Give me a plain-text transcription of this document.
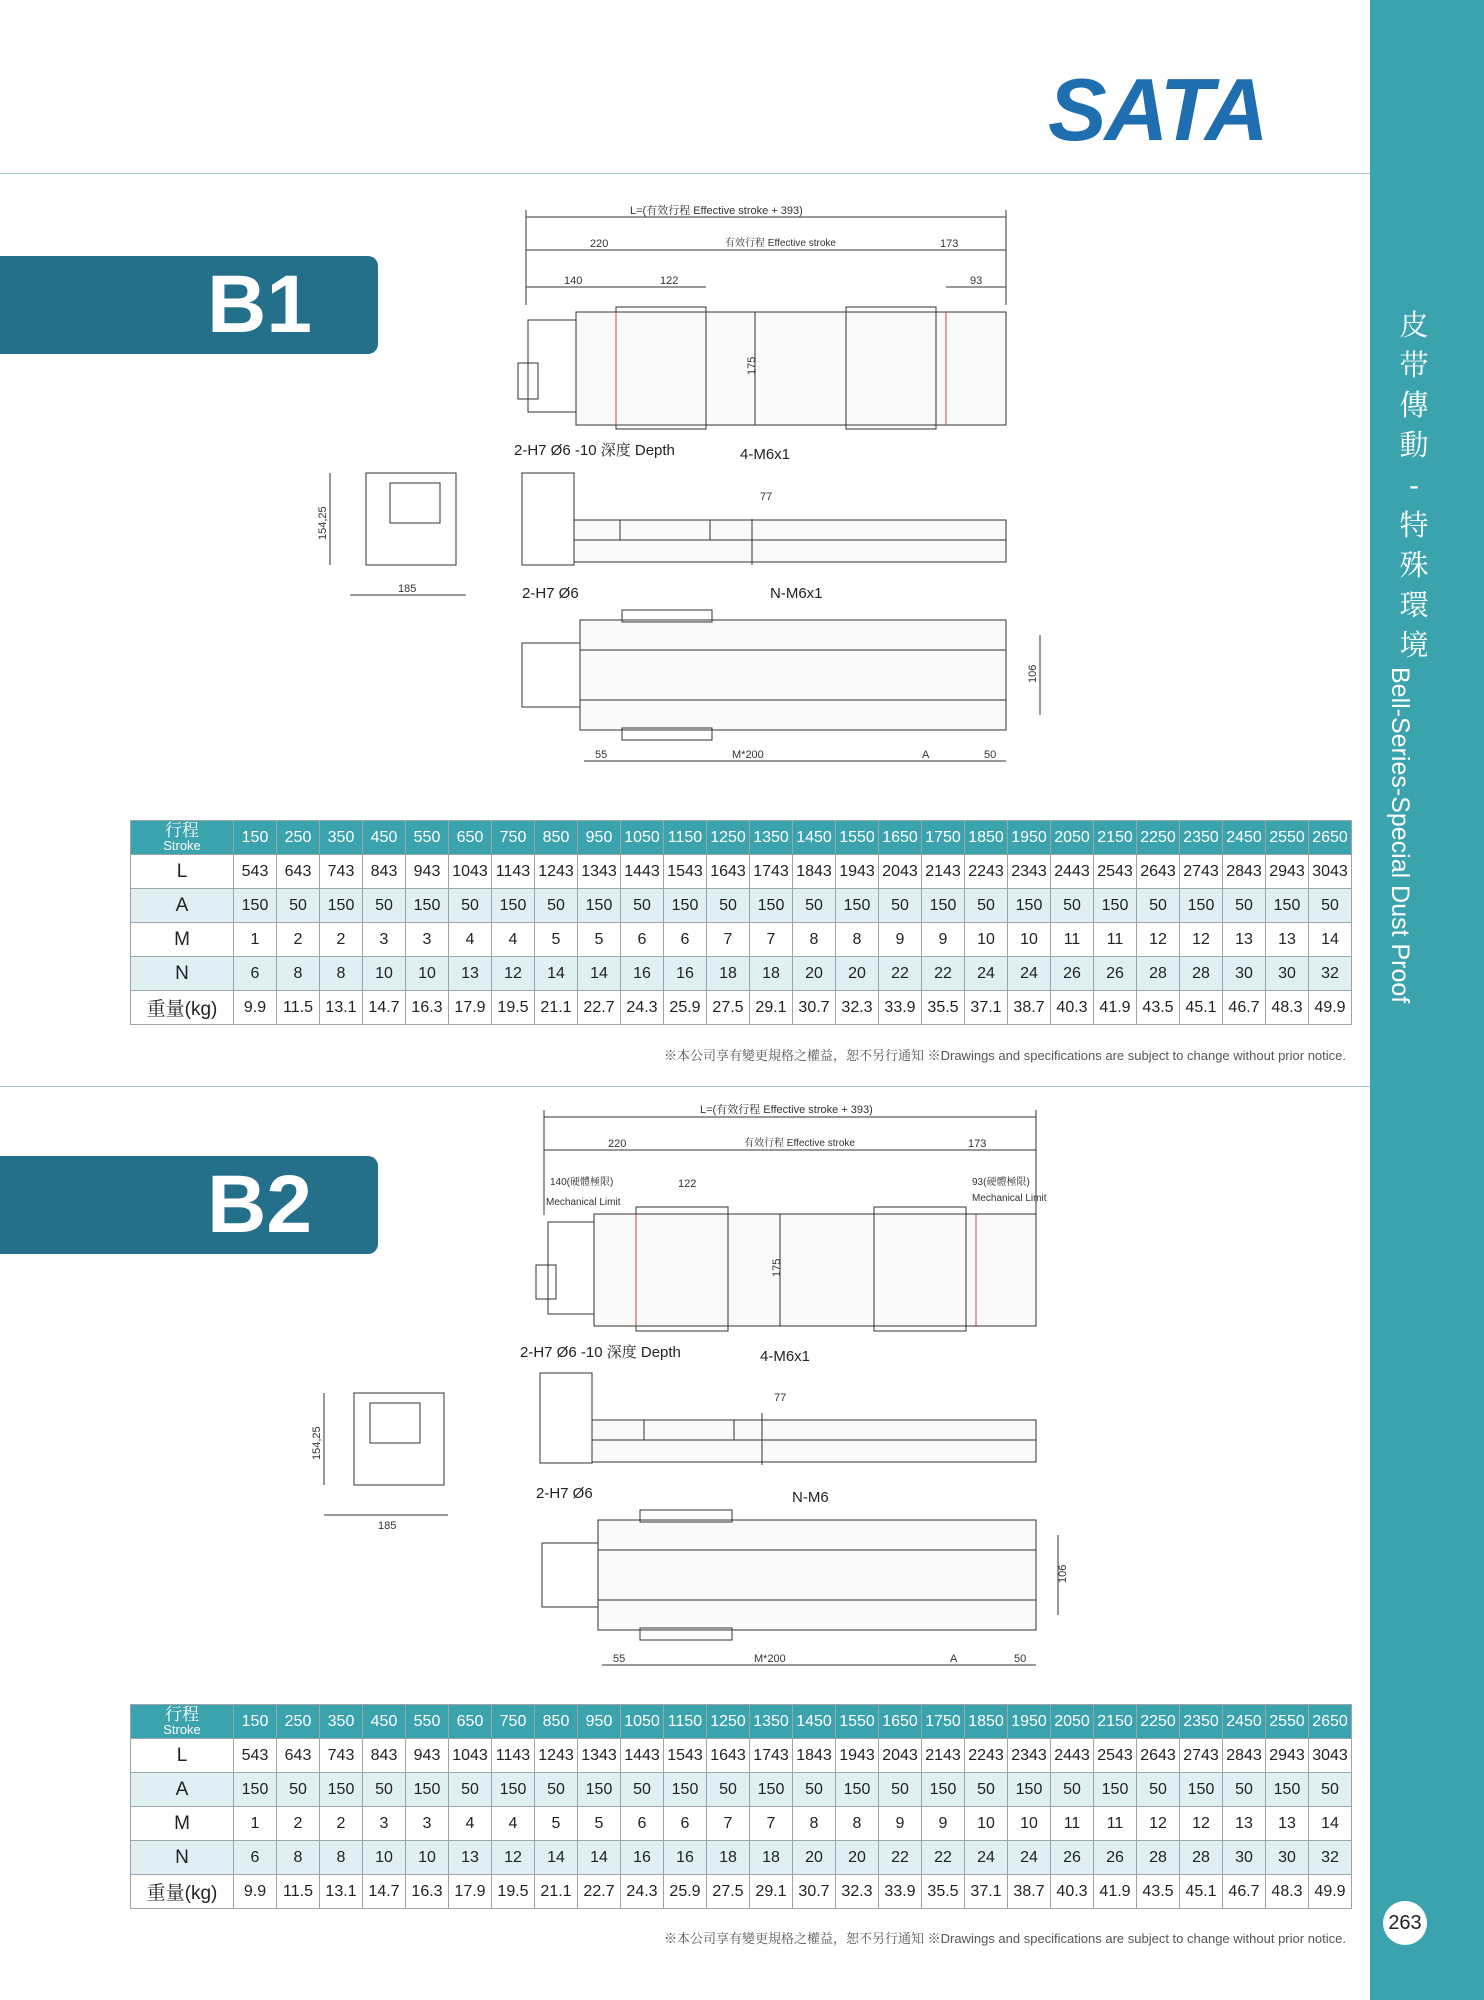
SATA
皮
带
傳
動
-
特
殊
環
境
Bell-Series-Special Dust Proof
263
B1
L=(有效行程 Effective stroke + 393)
220	有效行程 Effective stroke	173
140	122	93
175
2-H7 Ø6 -10 深度 Depth	4-M6x1
77
154,25
185	2-H7 Ø6	N-M6x1
106
55	M*200	A	50
行程
Stroke	150	250	350	450	550	650	750	850	950	1050	1150	1250	1350	1450	1550	1650	1750	1850	1950	2050	2150	2250	2350	2450	2550	2650
L	543	643	743	843	943	1043	1143	1243	1343	1443	1543	1643	1743	1843	1943	2043	2143	2243	2343	2443	2543	2643	2743	2843	2943	3043
A	150	50	150	50	150	50	150	50	150	50	150	50	150	50	150	50	150	50	150	50	150	50	150	50	150	50
M	1	2	2	3	3	4	4	5	5	6	6	7	7	8	8	9	9	10	10	11	11	12	12	13	13	14
N	6	8	8	10	10	13	12	14	14	16	16	18	18	20	20	22	22	24	24	26	26	28	28	30	30	32
重量(kg)	9.9	11.5	13.1	14.7	16.3	17.9	19.5	21.1	22.7	24.3	25.9	27.5	29.1	30.7	32.3	33.9	35.5	37.1	38.7	40.3	41.9	43.5	45.1	46.7	48.3	49.9
※本公司享有變更規格之權益，恕不另行通知 ※Drawings and specifications are subject to change without prior notice.
B2
L=(有效行程 Effective stroke + 393)
220	有效行程 Effective stroke	173
140(硬體極限)
Mechanical Limit
122	93(硬體極限)
Mechanical Limit
175
2-H7 Ø6 -10 深度 Depth	4-M6x1
77
154,25
185
2-H7 Ø6	N-M6
106
55	M*200	A	50
行程
Stroke	150	250	350	450	550	650	750	850	950	1050	1150	1250	1350	1450	1550	1650	1750	1850	1950	2050	2150	2250	2350	2450	2550	2650
L	543	643	743	843	943	1043	1143	1243	1343	1443	1543	1643	1743	1843	1943	2043	2143	2243	2343	2443	2543	2643	2743	2843	2943	3043
A	150	50	150	50	150	50	150	50	150	50	150	50	150	50	150	50	150	50	150	50	150	50	150	50	150	50
M	1	2	2	3	3	4	4	5	5	6	6	7	7	8	8	9	9	10	10	11	11	12	12	13	13	14
N	6	8	8	10	10	13	12	14	14	16	16	18	18	20	20	22	22	24	24	26	26	28	28	30	30	32
重量(kg)	9.9	11.5	13.1	14.7	16.3	17.9	19.5	21.1	22.7	24.3	25.9	27.5	29.1	30.7	32.3	33.9	35.5	37.1	38.7	40.3	41.9	43.5	45.1	46.7	48.3	49.9
※本公司享有變更規格之權益，恕不另行通知 ※Drawings and specifications are subject to change without prior notice.
